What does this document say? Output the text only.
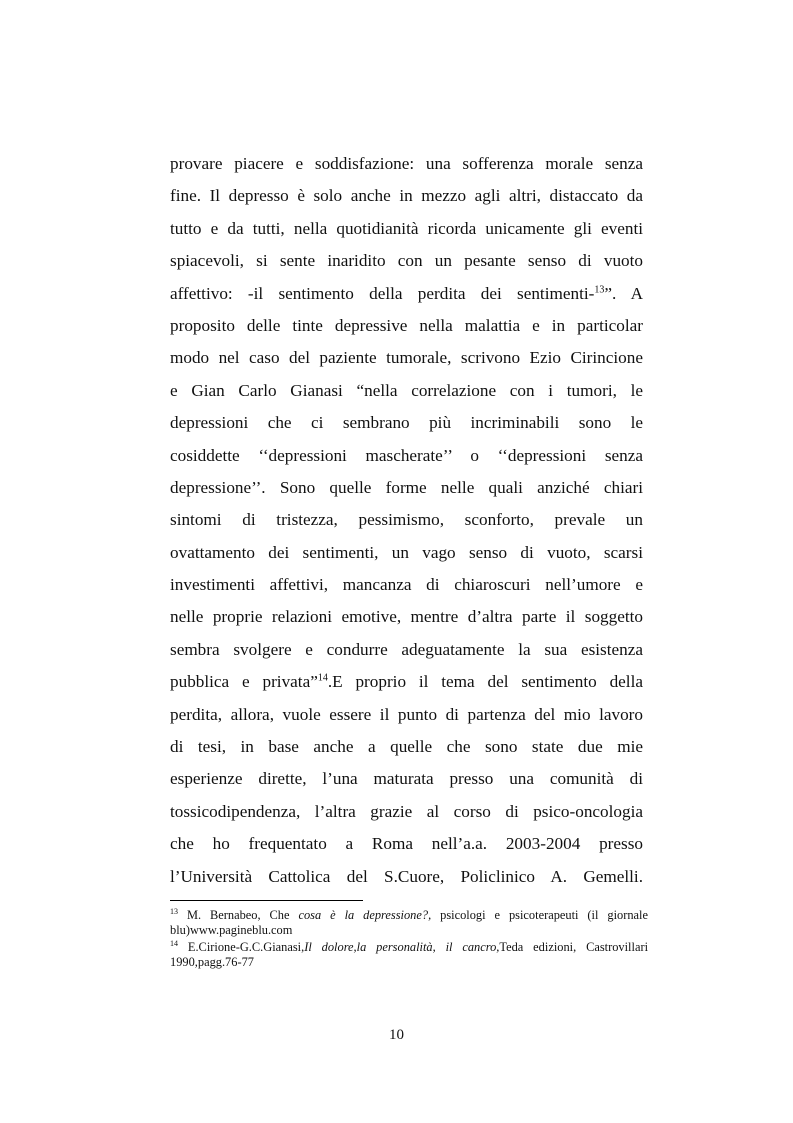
provare piacere e soddisfazione: una sofferenza morale senza
fine. Il depresso è solo anche in mezzo agli altri, distaccato da
tutto e da tutti, nella quotidianità ricorda unicamente gli eventi
spiacevoli, si sente inaridito con un pesante senso di vuoto
affettivo: -il sentimento della perdita dei sentimenti-$^{13}$”. A
proposito delle tinte depressive nella malattia e in particolar
modo nel caso del paziente tumorale, scrivono Ezio Cirincione
e Gian Carlo Gianasi “nella correlazione con i tumori, le
depressioni che ci sembrano più incriminabili sono le
cosiddette ‘‘depressioni mascherate’’ o ‘‘depressioni senza
depressione’’. Sono quelle forme nelle quali anziché chiari
sintomi di tristezza, pessimismo, sconforto, prevale un
ovattamento dei sentimenti, un vago senso di vuoto, scarsi
investimenti affettivi, mancanza di chiaroscuri nell’umore e
nelle proprie relazioni emotive, mentre d’altra parte il soggetto
sembra svolgere e condurre adeguatamente la sua esistenza
pubblica e privata”$^{14}$.E proprio il tema del sentimento della
perdita, allora, vuole essere il punto di partenza del mio lavoro
di tesi, in base anche a quelle che sono state due mie
esperienze dirette, l’una maturata presso una comunità di
tossicodipendenza, l’altra grazie al corso di psico-oncologia
che ho frequentato a Roma nell’a.a. 2003-2004 presso
l’Università Cattolica del S.Cuore, Policlinico A. Gemelli.
$^{13}$ M. Bernabeo, Che cosa è la depressione?, psicologi e psicoterapeuti (il giornale blu)www.pagineblu.com
$^{14}$ E.Cirione-G.C.Gianasi,Il dolore,la personalità, il cancro,Teda edizioni, Castrovillari 1990,pagg.76-77
10
